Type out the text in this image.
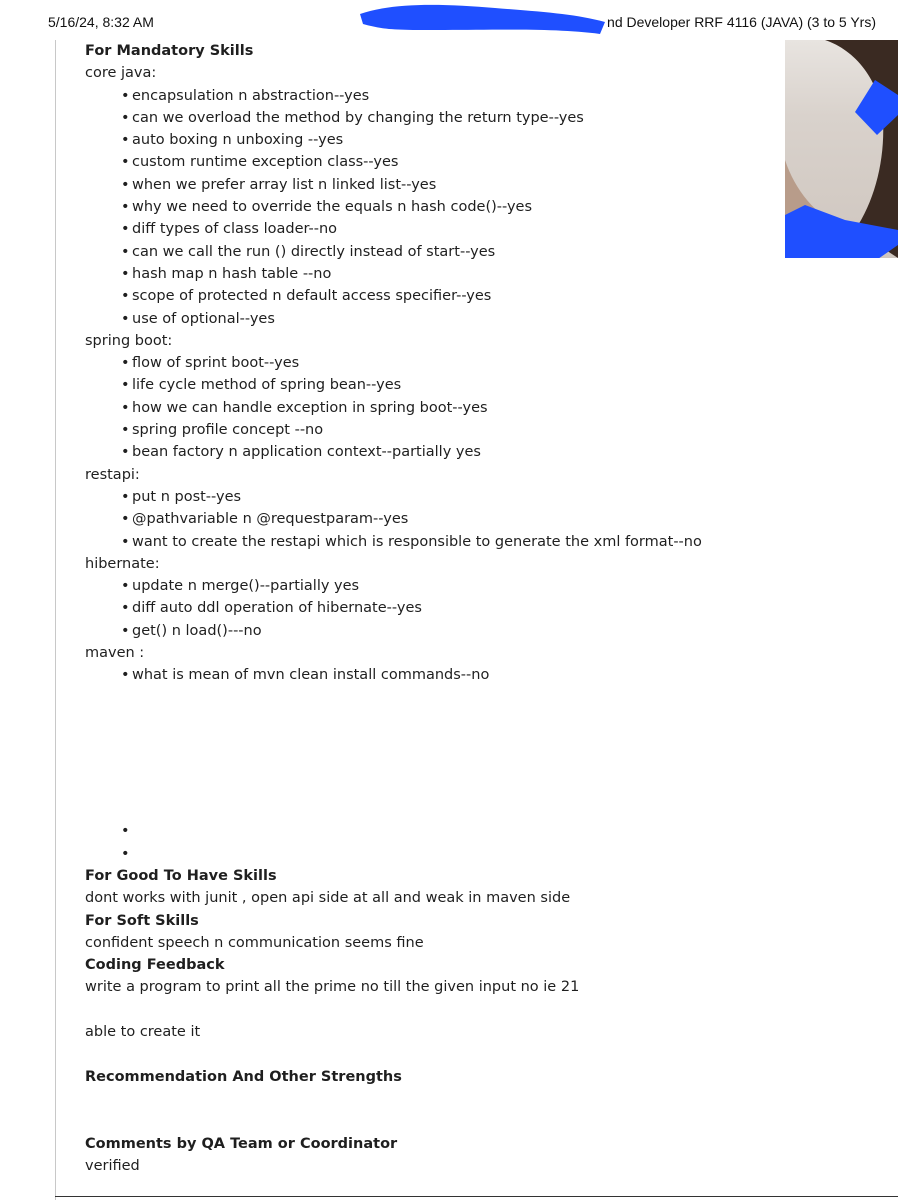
5/16/24, 8:32 AM	nd Developer RRF 4116 (JAVA) (3 to 5 Yrs)
For Mandatory Skills
core java:
• encapsulation n abstraction--yes
• can we overload the method by changing the return type--yes
• auto boxing n unboxing --yes
• custom runtime exception class--yes
• when we prefer array list n linked list--yes
• why we need to override the equals n hash code()--yes
• diff types of class loader--no
• can we call the run () directly instead of start--yes
• hash map n hash table --no
• scope of protected n default access specifier--yes
• use of optional--yes
spring boot:
• flow of sprint boot--yes
• life cycle method of spring bean--yes
• how we can handle exception in spring boot--yes
• spring profile concept --no
• bean factory n application context--partially yes
restapi:
• put n post--yes
• @pathvariable n @requestparam--yes
• want to create the restapi which is responsible to generate the xml format--no
hibernate:
• update n merge()--partially yes
• diff auto ddl operation of hibernate--yes
• get() n load()---no
maven :
• what is mean of mvn clean install commands--no
•
•
For Good To Have Skills
dont works with junit , open api side at all and weak in maven side
For Soft Skills
confident speech n communication seems fine
Coding Feedback
write a program to print all the prime no till the given input no ie 21
able to create it
Recommendation And Other Strengths
Comments by QA Team or Coordinator
verified
